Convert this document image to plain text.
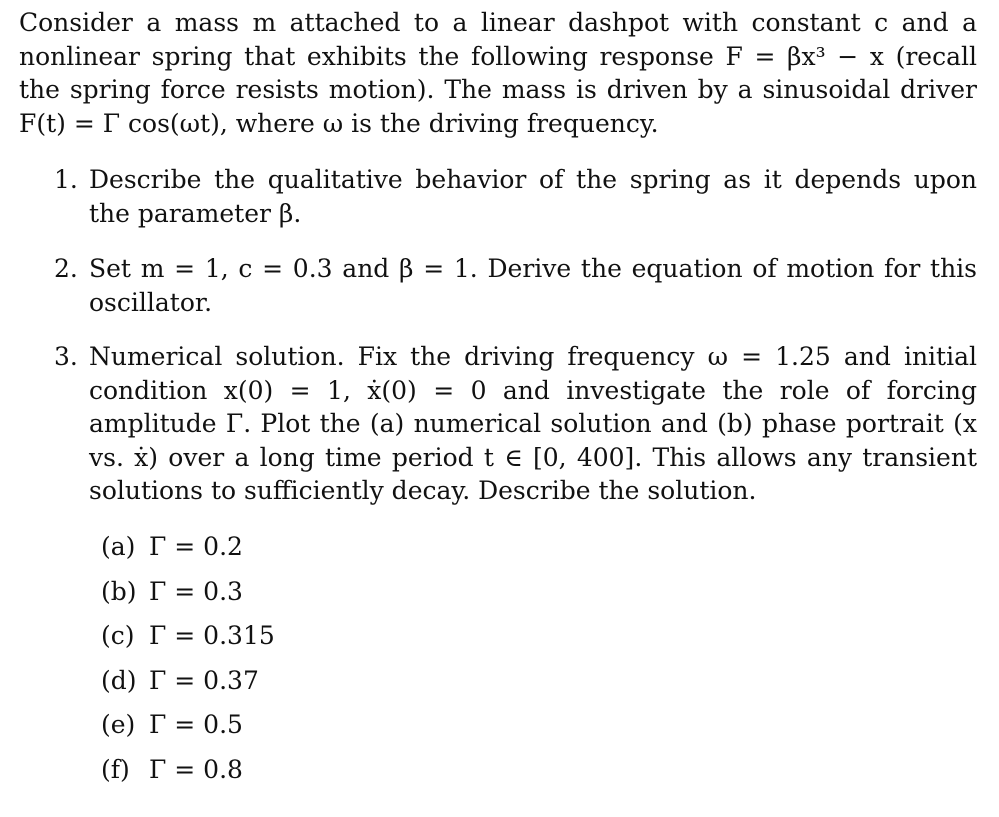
Consider a mass m attached to a linear dashpot with constant c and a nonlinear spring that exhibits the following response F = βx³ − x (recall the spring force resists motion). The mass is driven by a sinusoidal driver F(t) = Γ cos(ωt), where ω is the driving frequency.

1. Describe the qualitative behavior of the spring as it depends upon the parameter β.
2. Set m = 1, c = 0.3 and β = 1. Derive the equation of motion for this oscillator.
3. Numerical solution. Fix the driving frequency ω = 1.25 and initial condition x(0) = 1, ẋ(0) = 0 and investigate the role of forcing amplitude Γ. Plot the (a) numerical solution and (b) phase portrait (x vs. ẋ) over a long time period t ∈ [0, 400]. This allows any transient solutions to sufficiently decay. Describe the solution.
(a) Γ = 0.2
(b) Γ = 0.3
(c) Γ = 0.315
(d) Γ = 0.37
(e) Γ = 0.5
(f) Γ = 0.8
